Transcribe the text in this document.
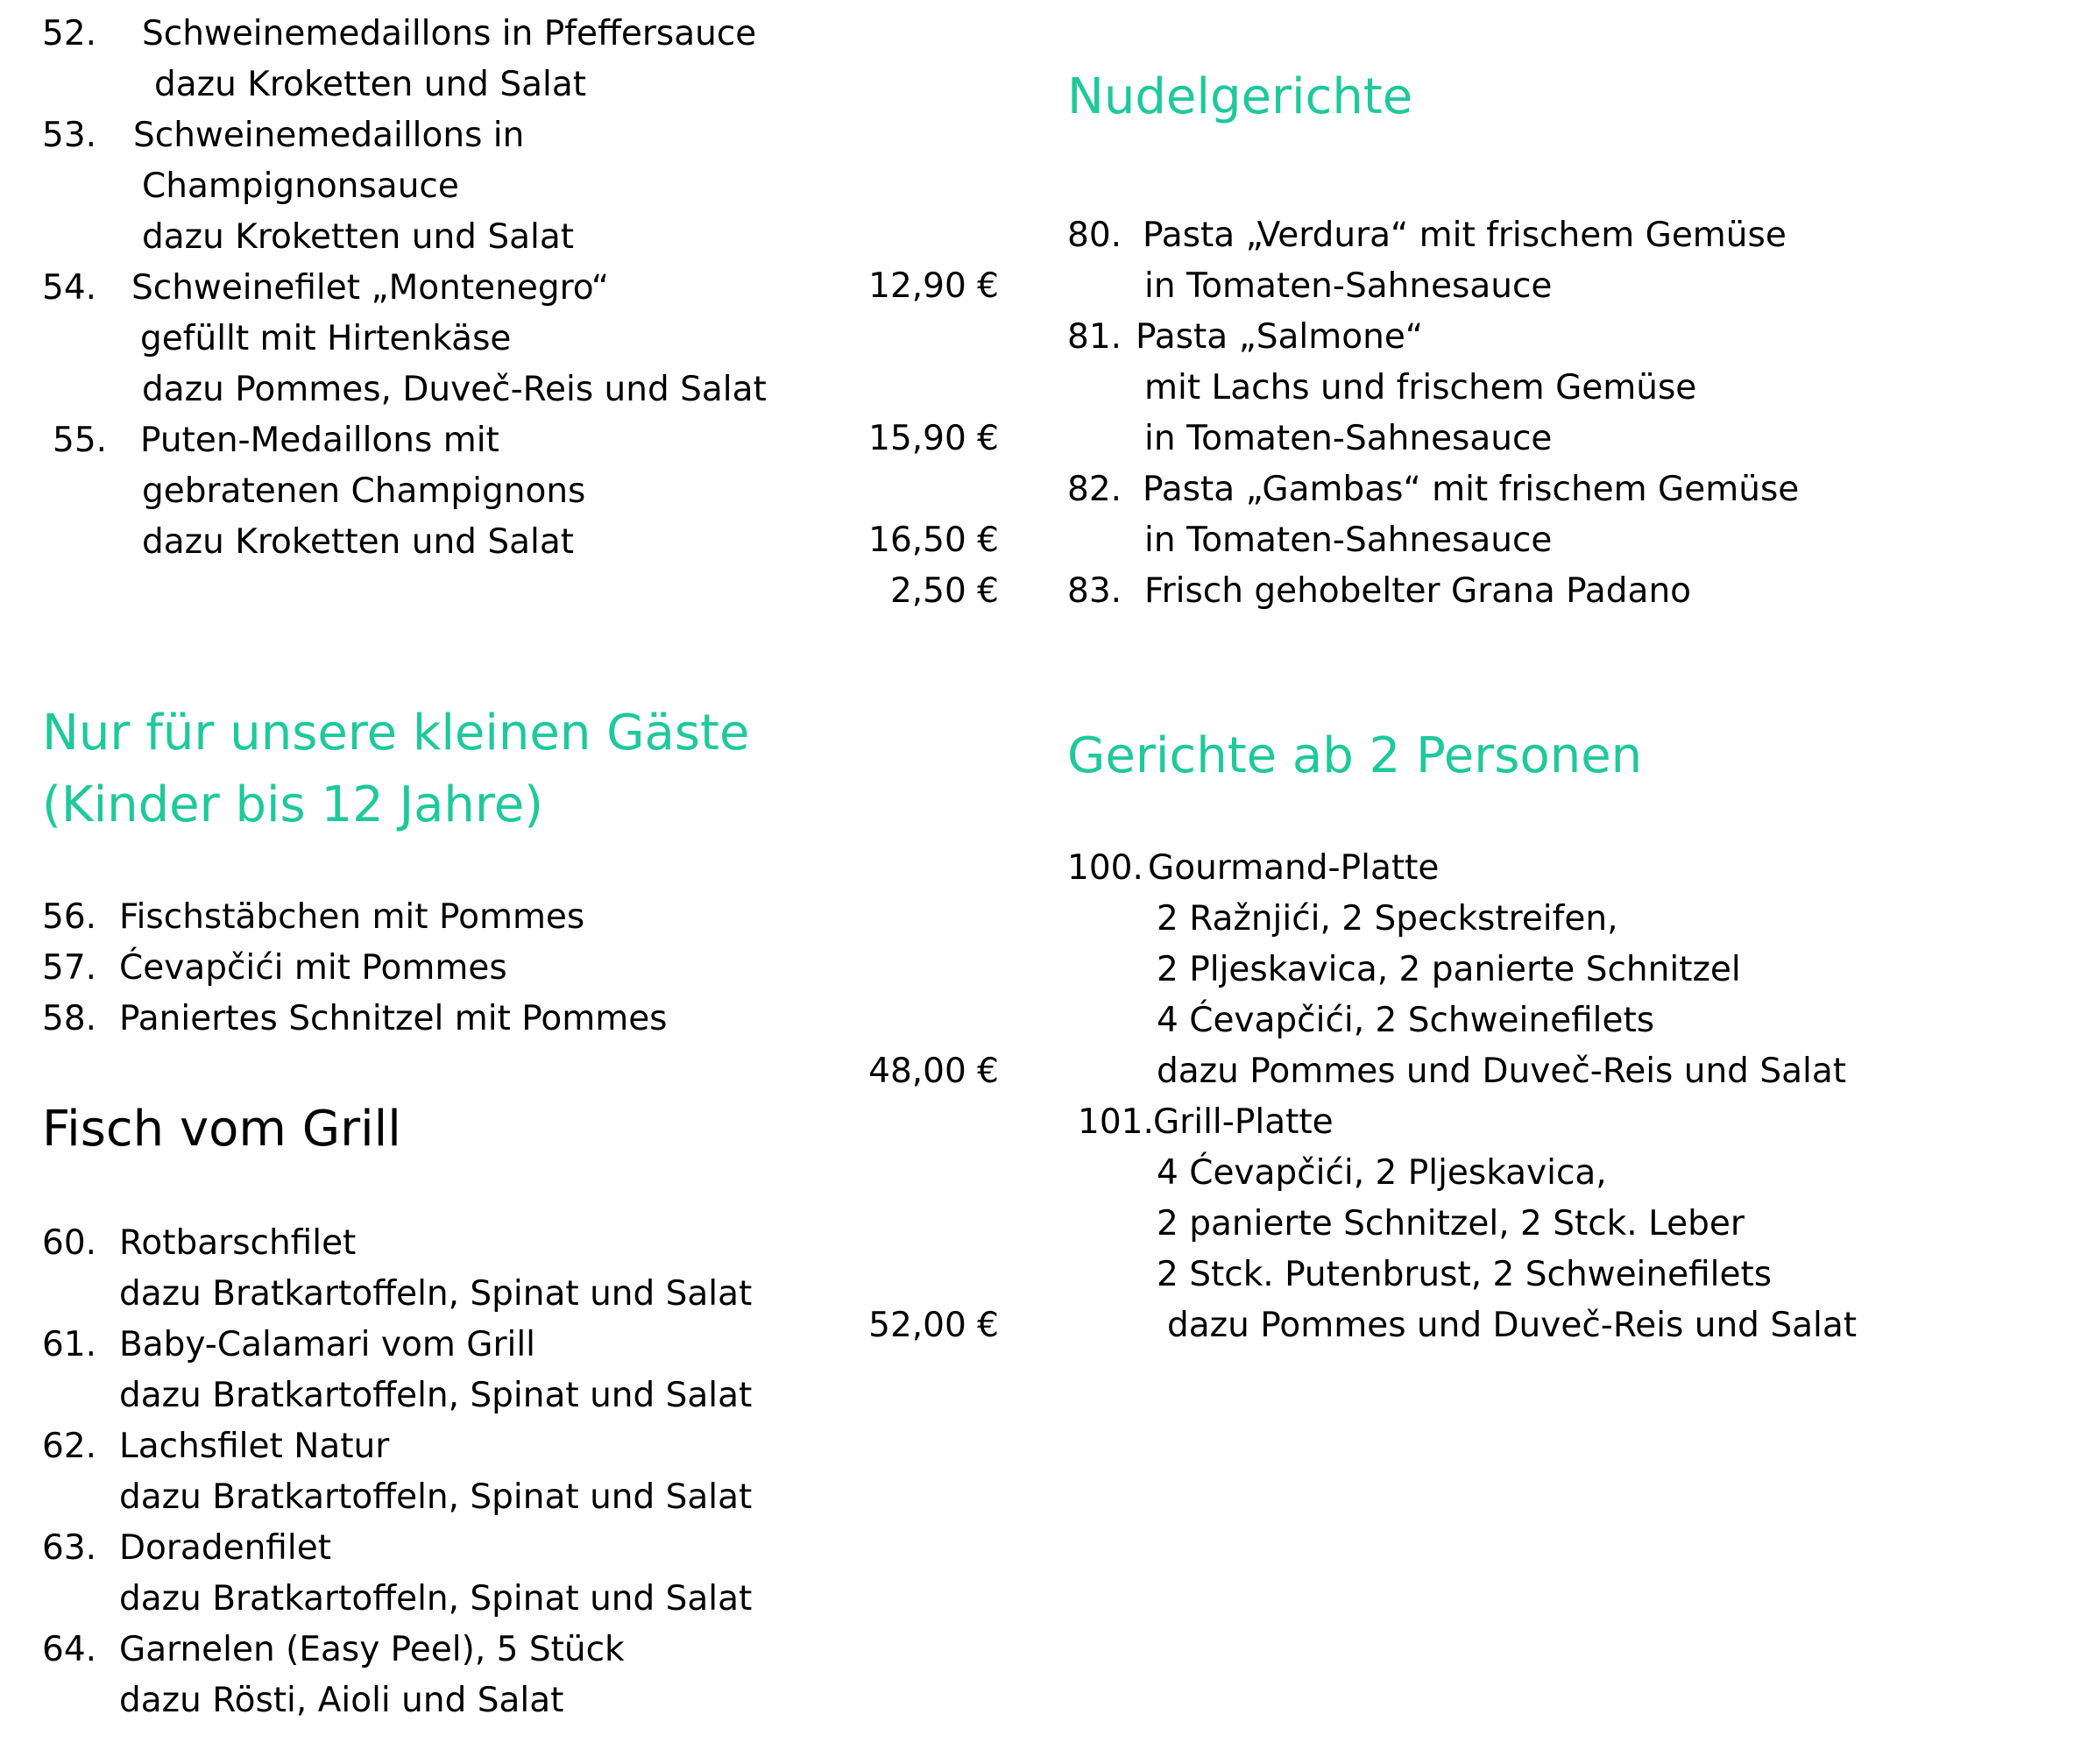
52. Schweinemedaillons in Pfeffersauce
dazu Kroketten und Salat
53. Schweinemedaillons in
Champignonsauce
dazu Kroketten und Salat
54. Schweinefilet „Montenegro“
gefüllt mit Hirtenkäse
dazu Pommes, Duveč-Reis und Salat
55. Puten-Medaillons mit
gebratenen Champignons
dazu Kroketten und Salat
Nur für unsere kleinen Gäste
(Kinder bis 12 Jahre)
56. Fischstäbchen mit Pommes
57. Ćevapčići mit Pommes
58. Paniertes Schnitzel mit Pommes
Fisch vom Grill
60. Rotbarschfilet
dazu Bratkartoffeln, Spinat und Salat
61. Baby-Calamari vom Grill
dazu Bratkartoffeln, Spinat und Salat
62. Lachsfilet Natur
dazu Bratkartoffeln, Spinat und Salat
63. Doradenfilet
dazu Bratkartoffeln, Spinat und Salat
64. Garnelen (Easy Peel), 5 Stück
dazu Rösti, Aioli und Salat
Nudelgerichte
80. Pasta „Verdura“ mit frischem Gemüse
in Tomaten-Sahnesauce
12,90 €
81. Pasta „Salmone“
mit Lachs und frischem Gemüse
in Tomaten-Sahnesauce
15,90 €
82. Pasta „Gambas“ mit frischem Gemüse
in Tomaten-Sahnesauce
16,50 €
83. Frisch gehobelter Grana Padano
2,50 €
Gerichte ab 2 Personen
100. Gourmand-Platte
2 Ražnjići, 2 Speckstreifen,
2 Pljeskavica, 2 panierte Schnitzel
4 Ćevapčići, 2 Schweinefilets
dazu Pommes und Duveč-Reis und Salat
48,00 €
101. Grill-Platte
4 Ćevapčići, 2 Pljeskavica,
2 panierte Schnitzel, 2 Stck. Leber
2 Stck. Putenbrust, 2 Schweinefilets
dazu Pommes und Duveč-Reis und Salat
52,00 €
